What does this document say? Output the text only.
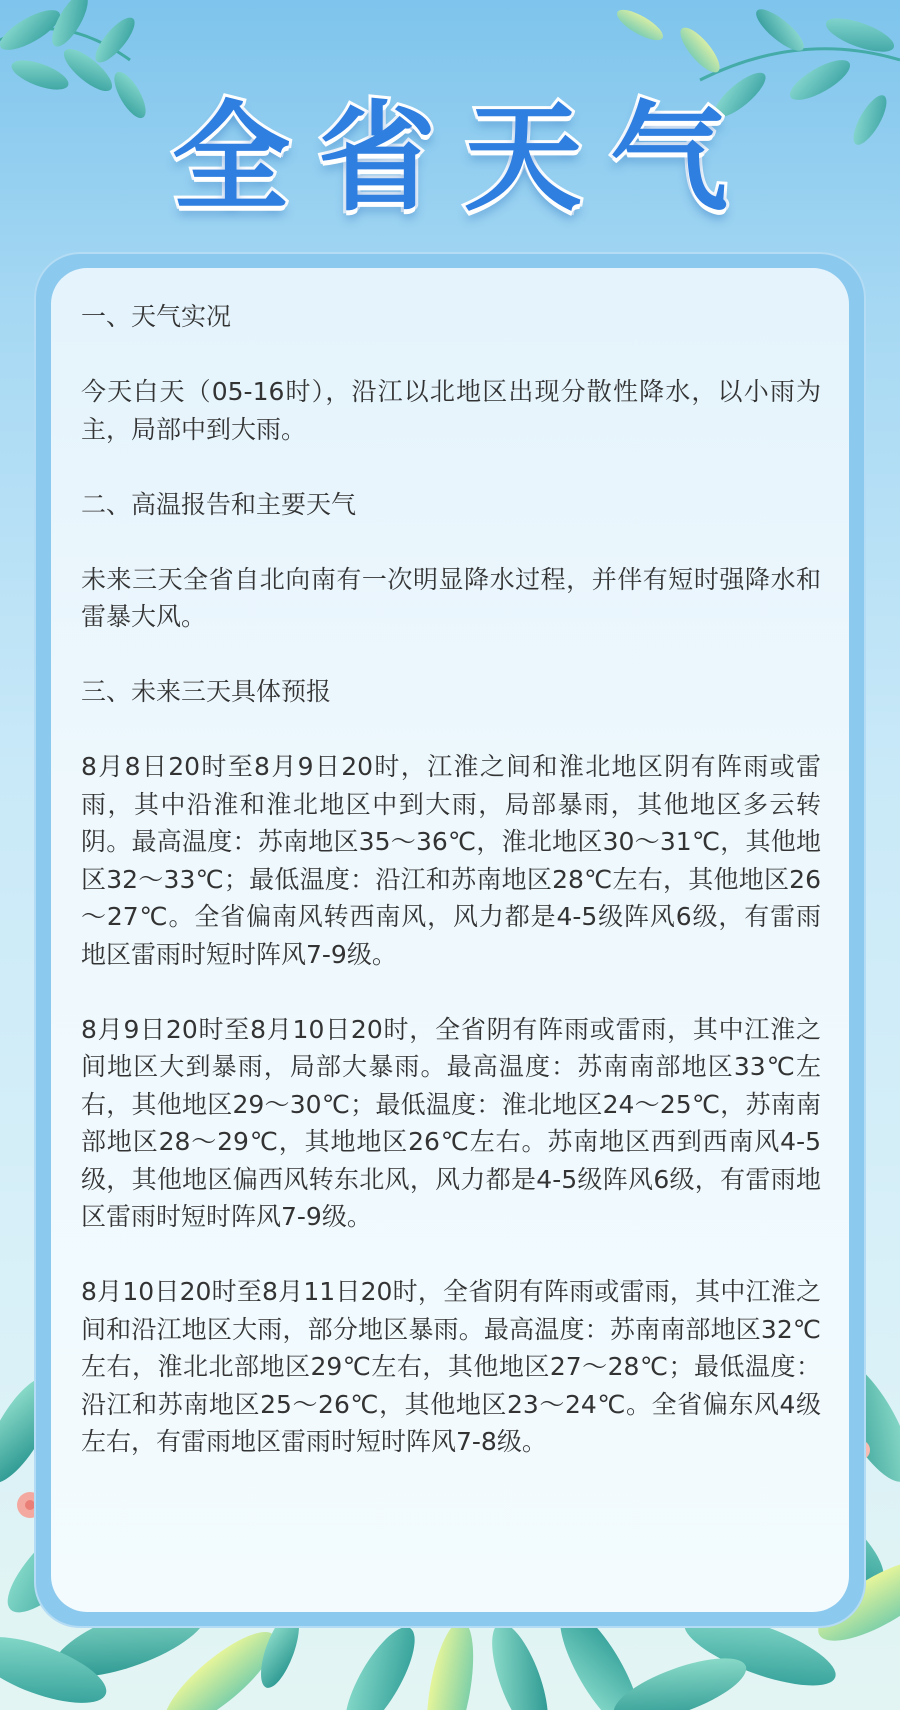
全省天气

一、天气实况

今天白天（05-16时），沿江以北地区出现分散性降水，以小雨为主，局部中到大雨。

二、高温报告和主要天气

未来三天全省自北向南有一次明显降水过程，并伴有短时强降水和雷暴大风。

三、未来三天具体预报

8月8日20时至8月9日20时，江淮之间和淮北地区阴有阵雨或雷雨，其中沿淮和淮北地区中到大雨，局部暴雨，其他地区多云转阴。最高温度：苏南地区35～36℃，淮北地区30～31℃，其他地区32～33℃；最低温度：沿江和苏南地区28℃左右，其他地区26～27℃。全省偏南风转西南风，风力都是4-5级阵风6级，有雷雨地区雷雨时短时阵风7-9级。

8月9日20时至8月10日20时，全省阴有阵雨或雷雨，其中江淮之间地区大到暴雨，局部大暴雨。最高温度：苏南南部地区33℃左右，其他地区29～30℃；最低温度：淮北地区24～25℃，苏南南部地区28～29℃，其地地区26℃左右。苏南地区西到西南风4-5级，其他地区偏西风转东北风，风力都是4-5级阵风6级，有雷雨地区雷雨时短时阵风7-9级。

8月10日20时至8月11日20时，全省阴有阵雨或雷雨，其中江淮之间和沿江地区大雨，部分地区暴雨。最高温度：苏南南部地区32℃左右，淮北北部地区29℃左右，其他地区27～28℃；最低温度：沿江和苏南地区25～26℃，其他地区23～24℃。全省偏东风4级左右，有雷雨地区雷雨时短时阵风7-8级。
